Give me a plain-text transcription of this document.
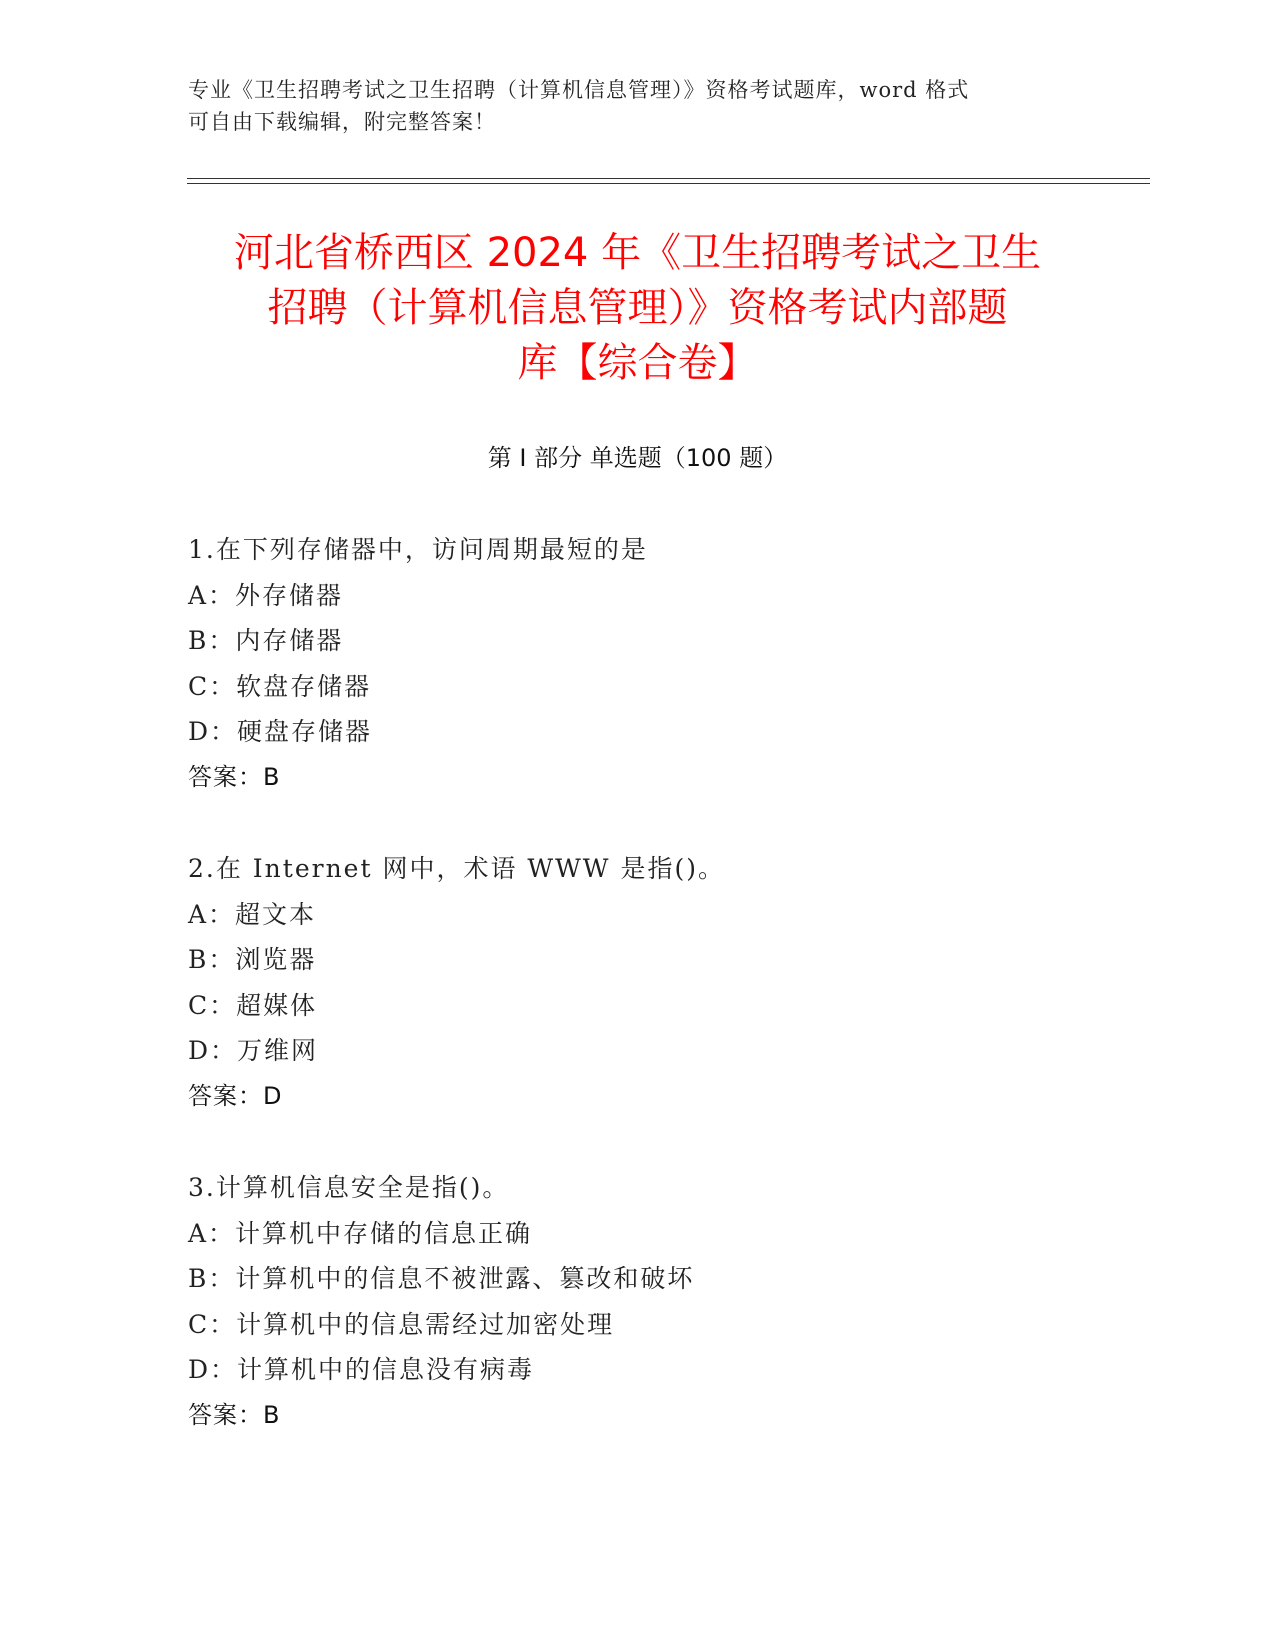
专业《卫生招聘考试之卫生招聘（计算机信息管理）》资格考试题库，word 格式
可自由下载编辑，附完整答案！
河北省桥西区 2024 年《卫生招聘考试之卫生
招聘（计算机信息管理）》资格考试内部题
库【综合卷】
第 I 部分 单选题（100 题）
1.在下列存储器中，访问周期最短的是
A：外存储器
B：内存储器
C：软盘存储器
D：硬盘存储器
答案：B
2.在 Internet 网中，术语 WWW 是指()。
A：超文本
B：浏览器
C：超媒体
D：万维网
答案：D
3.计算机信息安全是指()。
A：计算机中存储的信息正确
B：计算机中的信息不被泄露、篡改和破坏
C：计算机中的信息需经过加密处理
D：计算机中的信息没有病毒
答案：B
